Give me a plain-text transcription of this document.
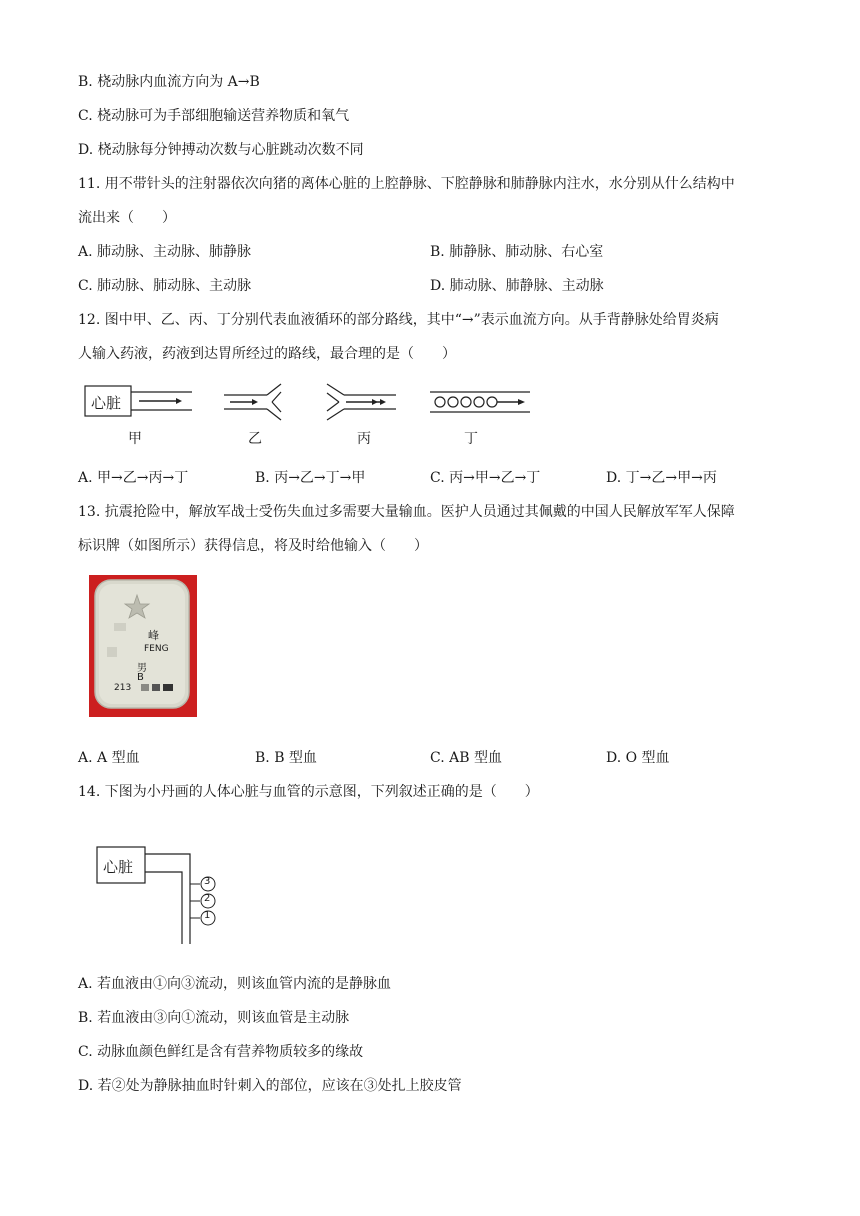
B. 桡动脉内血流方向为 A→B
C. 桡动脉可为手部细胞输送营养物质和氧气
D. 桡动脉每分钟搏动次数与心脏跳动次数不同
11. 用不带针头的注射器依次向猪的离体心脏的上腔静脉、下腔静脉和肺静脉内注水，水分别从什么结构中
流出来（　　）
A. 肺动脉、主动脉、肺静脉	B. 肺静脉、肺动脉、右心室
C. 肺动脉、肺动脉、主动脉	D. 肺动脉、肺静脉、主动脉
12. 图中甲、乙、丙、丁分别代表血液循环的部分路线，其中“→”表示血流方向。从手背静脉处给胃炎病
人输入药液，药液到达胃所经过的路线，最合理的是（　　）
心脏
甲	乙	丙	丁
A. 甲→乙→丙→丁	B. 丙→乙→丁→甲	C. 丙→甲→乙→丁	D. 丁→乙→甲→丙
13. 抗震抢险中，解放军战士受伤失血过多需要大量输血。医护人员通过其佩戴的中国人民解放军军人保障
标识牌（如图所示）获得信息，将及时给他输入（　　）
峰
FENG
男
B
213
A. A 型血	B. B 型血	C. AB 型血	D. O 型血
14. 下图为小丹画的人体心脏与血管的示意图，下列叙述正确的是（　　）
心脏
3
2
1
A. 若血液由①向③流动，则该血管内流的是静脉血
B. 若血液由③向①流动，则该血管是主动脉
C. 动脉血颜色鲜红是含有营养物质较多的缘故
D. 若②处为静脉抽血时针刺入的部位，应该在③处扎上胶皮管
